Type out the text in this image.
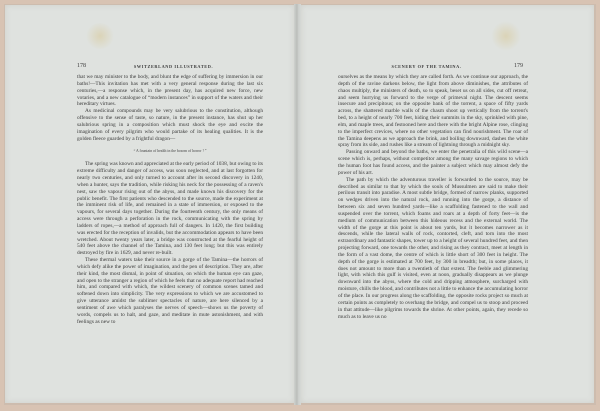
178	SWITZERLAND ILLUSTRATED.

that we may minister to the body, and blunt the edge of suffering by immersion in our baths!—This invitation has met with a very general response during the last six centuries,—a response which, in the present day, has acquired new force, new votaries, and a new catalogue of “modern instances” in support of the waters and their hereditary virtues.

As medicinal compounds may be very salubrious to the constitution, although offensive to the sense of taste, so nature, in the present instance, has shut up her salubrious spring in a composition which must shock the eye and excite the imagination of every pilgrim who would partake of its healing qualities. It is the golden fleece guarded by a frightful dragon—

“ A fountain of health in the bosom of horror ! ”

The spring was known and appreciated at the early period of 1038, but owing to its extreme difficulty and danger of access, was soon neglected, and at last forgotten for nearly two centuries, and only turned to account after its second discovery in 1240, when a hunter, says the tradition, while risking his neck for the possessing of a raven's nest, saw the vapour rising out of the abyss, and made known his discovery for the public benefit. The first patients who descended to the source, made the experiment at the imminent risk of life, and remained in a state of immersion, or exposed to the vapours, for several days together. During the fourteenth century, the only means of access were through a perforation in the rock, communicating with the spring by ladders of ropes,—a method of approach full of dangers. In 1420, the first building was erected for the reception of invalids, but the accommodation appears to have been wretched. About twenty years later, a bridge was constructed at the fearful height of 540 feet above the channel of the Tamina, and 130 feet long; but this was entirely destroyed by fire in 1629, and never re-built.

These thermal waters take their source in a gorge of the Tamina—the horrors of which defy alike the power of imagination, and the pen of description. They are, after their kind, the most dismal, in point of situation, on which the human eye can gaze, and open to the stranger a region of which he feels that no adequate report had reached him, and compared with which, the wildest scenery of common scenes tamed and softened down into simplicity. The very expressions to which we are accustomed to give utterance amidst the sublimer spectacles of nature, are here silenced by a sentiment of awe which paralyses the nerves of speech—shows us the poverty of words, compels us to halt, and gaze, and meditate in mute astonishment, and with feelings as new to

SCENERY OF THE TAMINA.	179

ourselves as the means by which they are called forth. As we continue our approach, the depth of the ravine darkens below, the light from above diminishes, the attributes of chaos multiply, the ministers of death, so to speak, beset us on all sides, cut off retreat, and seem hurrying us forward to the verge of primeval night. The descent seems insecure and precipitous; on the opposite bank of the torrent, a space of fifty yards across, the shattered marble walls of the chasm shoot up vertically from the torrent's bed, to a height of nearly 700 feet, hiding their summits in the sky, sprinkled with pine, elm, and maple trees, and festooned here and there with the bright Alpine rose, clinging to the imperfect crevices, where no other vegetation can find nourishment. The roar of the Tamina deepens as we approach the brink, and boiling downward, dashes the white spray from its side, and rushes like a stream of lightning through a midnight sky.

Passing onward and beyond the baths, we enter the penetralia of this wild scene—a scene which is, perhaps, without competitor among the many savage regions to which the human foot has found access, and the painter a subject which may almost defy the power of his art.

The path by which the adventurous traveller is forwarded to the source, may be described as similar to that by which the souls of Mussulmen are said to make their perilous transit into paradise. A most subtle bridge, formed of narrow planks, supported on wedges driven into the natural rock, and running into the gorge, a distance of between six and seven hundred yards—like a scaffolding fastened to the wall and suspended over the torrent, which foams and roars at a depth of forty feet—is the medium of communication between this hideous recess and the external world. The width of the gorge at this point is about ten yards, but it becomes narrower as it descends, while the lateral walls of rock, contorted, cleft, and torn into the most extraordinary and fantastic shapes, tower up to a height of several hundred feet, and then projecting forward, one towards the other, and rising as they contract, meet at length in the form of a vast dome, the centre of which is little short of 300 feet in height. The depth of the gorge is estimated at 700 feet, by 300 in breadth; but, in some places, it does not amount to more than a twentieth of that extent. The feeble and glimmering light, with which this gulf is visited, even at noon, gradually disappears as we plunge downward into the abyss, where the cold and dripping atmosphere, surcharged with moisture, chills the blood, and contributes not a little to enhance the accumulating horror of the place. In our progress along the scaffolding, the opposite rocks project so much at certain points as completely to overhang the bridge, and compel us to stoop and proceed in that attitude—like pilgrims towards the shrine. At other points, again, they recede so much as to leave us no
